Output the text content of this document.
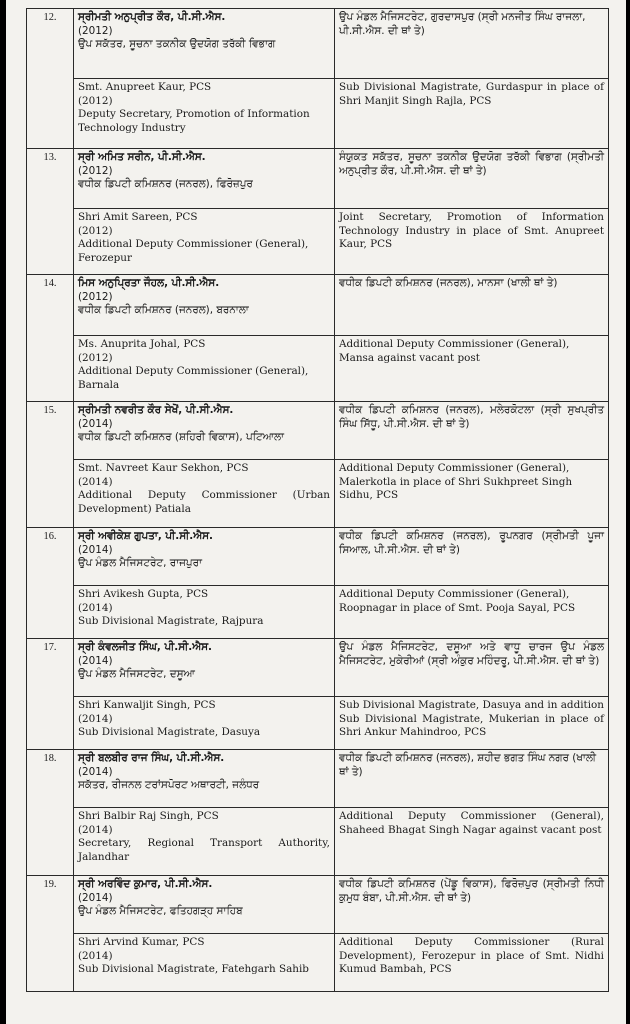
12.	ਸ੍ਰੀਮਤੀ ਅਨੁਪ੍ਰੀਤ ਕੌਰ, ਪੀ.ਸੀ.ਐਸ.
(2012)
ਉਪ ਸਕੱਤਰ, ਸੂਚਨਾ ਤਕਨੀਕ ਉਦਯੋਗ ਤਰੱਕੀ ਵਿਭਾਗ	ਉਪ ਮੰਡਲ ਮੈਜਿਸਟਰੇਟ, ਗੁਰਦਾਸਪੁਰ (ਸ੍ਰੀ ਮਨਜੀਤ ਸਿੰਘ ਰਾਜਲਾ, ਪੀ.ਸੀ.ਐਸ. ਦੀ ਥਾਂ ਤੇ)

	Smt. Anupreet Kaur, PCS
(2012)
Deputy Secretary, Promotion of Information Technology Industry	Sub Divisional Magistrate, Gurdaspur in place of Shri Manjit Singh Rajla, PCS
13.	ਸ੍ਰੀ ਅਮਿਤ ਸਰੀਨ, ਪੀ.ਸੀ.ਐਸ.
(2012)
ਵਧੀਕ ਡਿਪਟੀ ਕਮਿਸ਼ਨਰ (ਜਨਰਲ), ਫਿਰੋਜ਼ਪੁਰ	ਸੰਯੁਕਤ ਸਕੱਤਰ, ਸੂਚਨਾ ਤਕਨੀਕ ਉਦਯੋਗ ਤਰੱਕੀ ਵਿਭਾਗ (ਸ੍ਰੀਮਤੀ ਅਨੁਪ੍ਰੀਤ ਕੌਰ, ਪੀ.ਸੀ.ਐਸ. ਦੀ ਥਾਂ ਤੇ)

	Shri Amit Sareen, PCS
(2012)
Additional Deputy Commissioner (General), Ferozepur	Joint Secretary, Promotion of Information Technology Industry in place of Smt. Anupreet Kaur, PCS
14.	ਮਿਸ ਅਨੁਪ੍ਰਿਤਾ ਜੌਹਲ, ਪੀ.ਸੀ.ਐਸ.
(2012)
ਵਧੀਕ ਡਿਪਟੀ ਕਮਿਸ਼ਨਰ (ਜਨਰਲ), ਬਰਨਾਲਾ	ਵਧੀਕ ਡਿਪਟੀ ਕਮਿਸ਼ਨਰ (ਜਨਰਲ), ਮਾਨਸਾ (ਖਾਲੀ ਥਾਂ ਤੇ)

	Ms. Anuprita Johal, PCS
(2012)
Additional Deputy Commissioner (General), Barnala	Additional Deputy Commissioner (General), Mansa against vacant post
15.	ਸ੍ਰੀਮਤੀ ਨਵਰੀਤ ਕੌਰ ਸੇਖੋਂ, ਪੀ.ਸੀ.ਐਸ.
(2014)
ਵਧੀਕ ਡਿਪਟੀ ਕਮਿਸ਼ਨਰ (ਸ਼ਹਿਰੀ ਵਿਕਾਸ), ਪਟਿਆਲਾ	ਵਧੀਕ ਡਿਪਟੀ ਕਮਿਸ਼ਨਰ (ਜਨਰਲ), ਮਲੇਰਕੋਟਲਾ (ਸ੍ਰੀ ਸੁਖਪ੍ਰੀਤ ਸਿੰਘ ਸਿੱਧੂ, ਪੀ.ਸੀ.ਐਸ. ਦੀ ਥਾਂ ਤੇ)

	Smt. Navreet Kaur Sekhon, PCS
(2014)
Additional Deputy Commissioner (Urban Development) Patiala	Additional Deputy Commissioner (General), Malerkotla in place of Shri Sukhpreet Singh Sidhu, PCS
16.	ਸ੍ਰੀ ਅਵੀਕੇਸ਼ ਗੁਪਤਾ, ਪੀ.ਸੀ.ਐਸ.
(2014)
ਉਪ ਮੰਡਲ ਮੈਜਿਸਟਰੇਟ, ਰਾਜਪੁਰਾ	ਵਧੀਕ ਡਿਪਟੀ ਕਮਿਸ਼ਨਰ (ਜਨਰਲ), ਰੂਪਨਗਰ (ਸ੍ਰੀਮਤੀ ਪੂਜਾ ਸਿਆਲ, ਪੀ.ਸੀ.ਐਸ. ਦੀ ਥਾਂ ਤੇ)

	Shri Avikesh Gupta, PCS
(2014)
Sub Divisional Magistrate, Rajpura	Additional Deputy Commissioner (General), Roopnagar in place of Smt. Pooja Sayal, PCS
17.	ਸ੍ਰੀ ਕੰਵਲਜੀਤ ਸਿੰਘ, ਪੀ.ਸੀ.ਐਸ.
(2014)
ਉਪ ਮੰਡਲ ਮੈਜਿਸਟਰੇਟ, ਦਸੂਆ	ਉਪ ਮੰਡਲ ਮੈਜਿਸਟਰੇਟ, ਦਸੂਆ ਅਤੇ ਵਾਧੂ ਚਾਰਜ ਉਪ ਮੰਡਲ ਮੈਜਿਸਟਰੇਟ, ਮੁਕੇਰੀਆਂ (ਸ੍ਰੀ ਅੰਕੁਰ ਮਹਿੰਦਰੂ, ਪੀ.ਸੀ.ਐਸ. ਦੀ ਥਾਂ ਤੇ)

	Shri Kanwaljit Singh, PCS
(2014)
Sub Divisional Magistrate, Dasuya	Sub Divisional Magistrate, Dasuya and in addition Sub Divisional Magistrate, Mukerian in place of Shri Ankur Mahindroo, PCS
18.	ਸ੍ਰੀ ਬਲਬੀਰ ਰਾਜ ਸਿੰਘ, ਪੀ.ਸੀ.ਐਸ.
(2014)
ਸਕੱਤਰ, ਰੀਜਨਲ ਟਰਾਂਸਪੋਰਟ ਅਥਾਰਟੀ, ਜਲੰਧਰ	ਵਧੀਕ ਡਿਪਟੀ ਕਮਿਸ਼ਨਰ (ਜਨਰਲ), ਸ਼ਹੀਦ ਭਗਤ ਸਿੰਘ ਨਗਰ (ਖਾਲੀ ਥਾਂ ਤੇ)

	Shri Balbir Raj Singh, PCS
(2014)
Secretary, Regional Transport Authority, Jalandhar	Additional Deputy Commissioner (General), Shaheed Bhagat Singh Nagar against vacant post
19.	ਸ੍ਰੀ ਅਰਵਿੰਦ ਕੁਮਾਰ, ਪੀ.ਸੀ.ਐਸ.
(2014)
ਉਪ ਮੰਡਲ ਮੈਜਿਸਟਰੇਟ, ਫਤਿਹਗੜ੍ਹ ਸਾਹਿਬ	ਵਧੀਕ ਡਿਪਟੀ ਕਮਿਸ਼ਨਰ (ਪੇਂਡੂ ਵਿਕਾਸ), ਫਿਰੋਜ਼ਪੁਰ (ਸ੍ਰੀਮਤੀ ਨਿਧੀ ਕੁਮੁਧ ਬੰਬਾ, ਪੀ.ਸੀ.ਐਸ. ਦੀ ਥਾਂ ਤੇ)

	Shri Arvind Kumar, PCS
(2014)
Sub Divisional Magistrate, Fatehgarh Sahib	Additional Deputy Commissioner (Rural Development), Ferozepur in place of Smt. Nidhi Kumud Bambah, PCS
